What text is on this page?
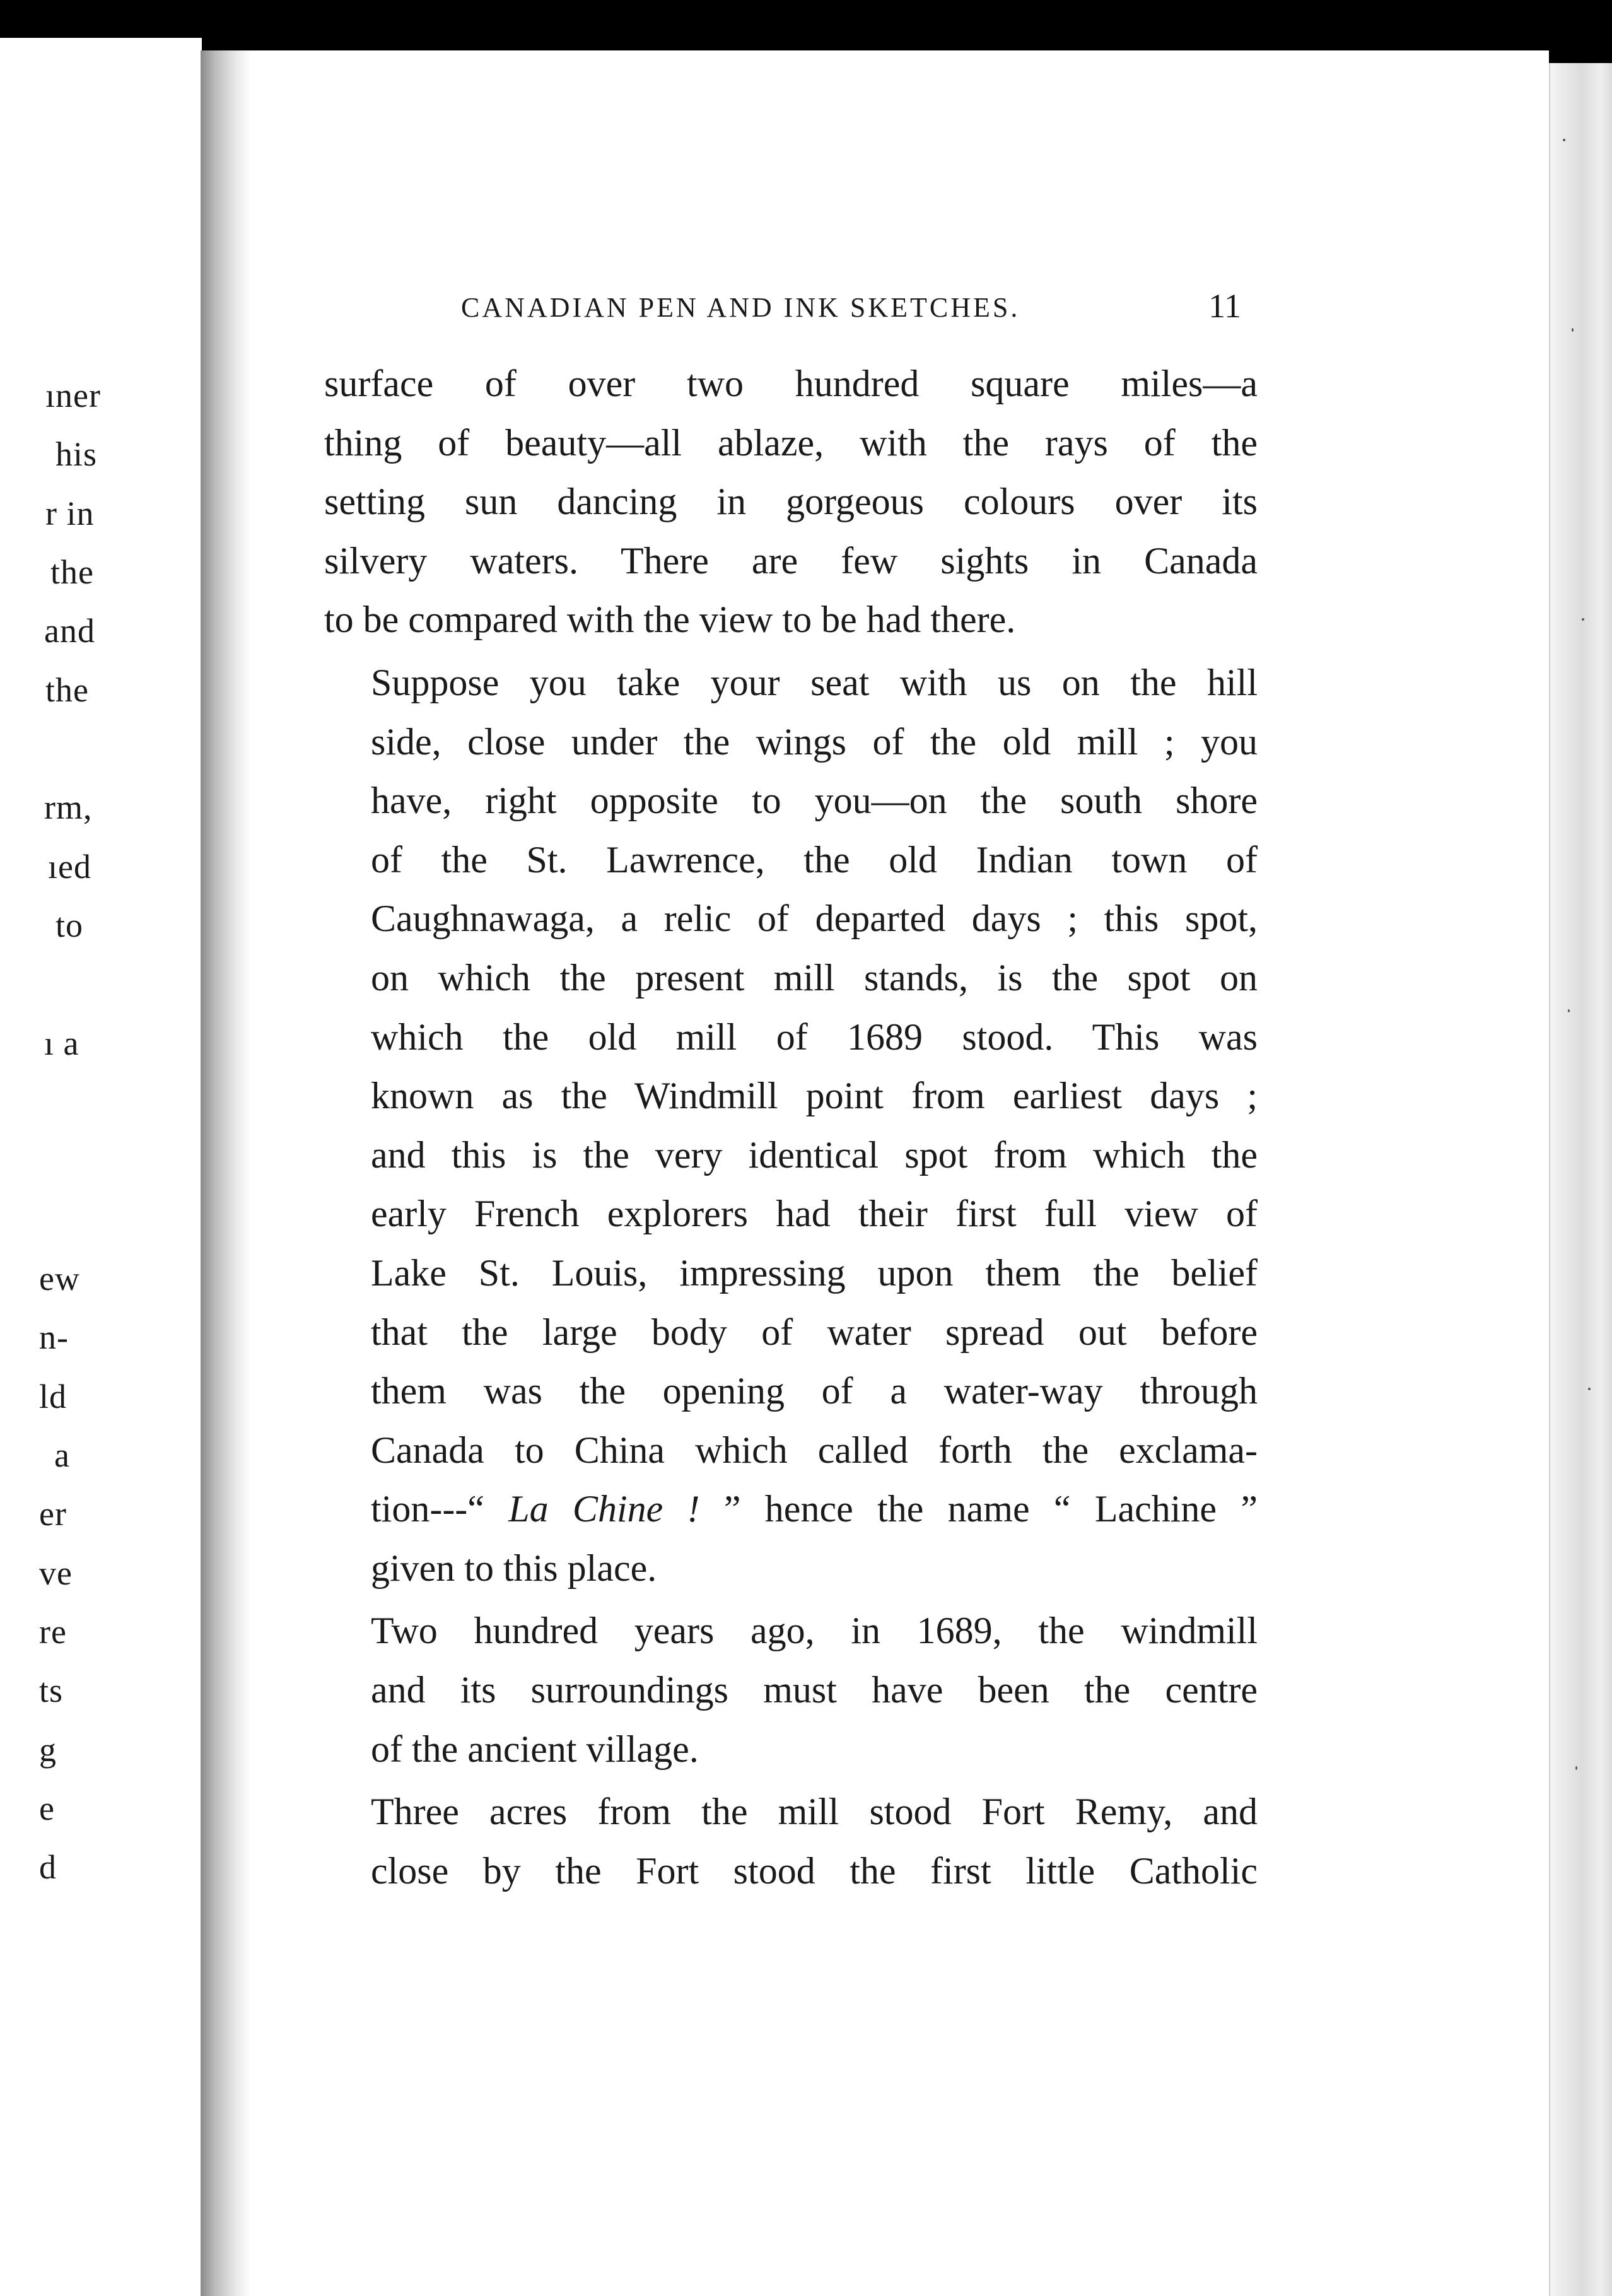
ıner
his
r in
the
and
the
rm,
ıed
to
ı a
ew
n-
ld
a
er
ve
re
ts
g
e
d
CANADIAN PEN AND INK SKETCHES.	11

surface of over two hundred square miles—a
thing of beauty—all ablaze, with the rays of the
setting sun dancing in gorgeous colours over its
silvery waters. There are few sights in Canada
to be compared with the view to be had there.

Suppose you take your seat with us on the hill
side, close under the wings of the old mill ; you
have, right opposite to you—on the south shore
of the St. Lawrence, the old Indian town of
Caughnawaga, a relic of departed days ; this spot,
on which the present mill stands, is the spot on
which the old mill of 1689 stood. This was
known as the Windmill point from earliest days ;
and this is the very identical spot from which the
early French explorers had their first full view of
Lake St. Louis, impressing upon them the belief
that the large body of water spread out before
them was the opening of a water-way through
Canada to China which called forth the exclama-
tion---“ La Chine ! ” hence the name “ Lachine ”
given to this place.

Two hundred years ago, in 1689, the windmill
and its surroundings must have been the centre
of the ancient village.

Three acres from the mill stood Fort Remy, and
close by the Fort stood the first little Catholic
